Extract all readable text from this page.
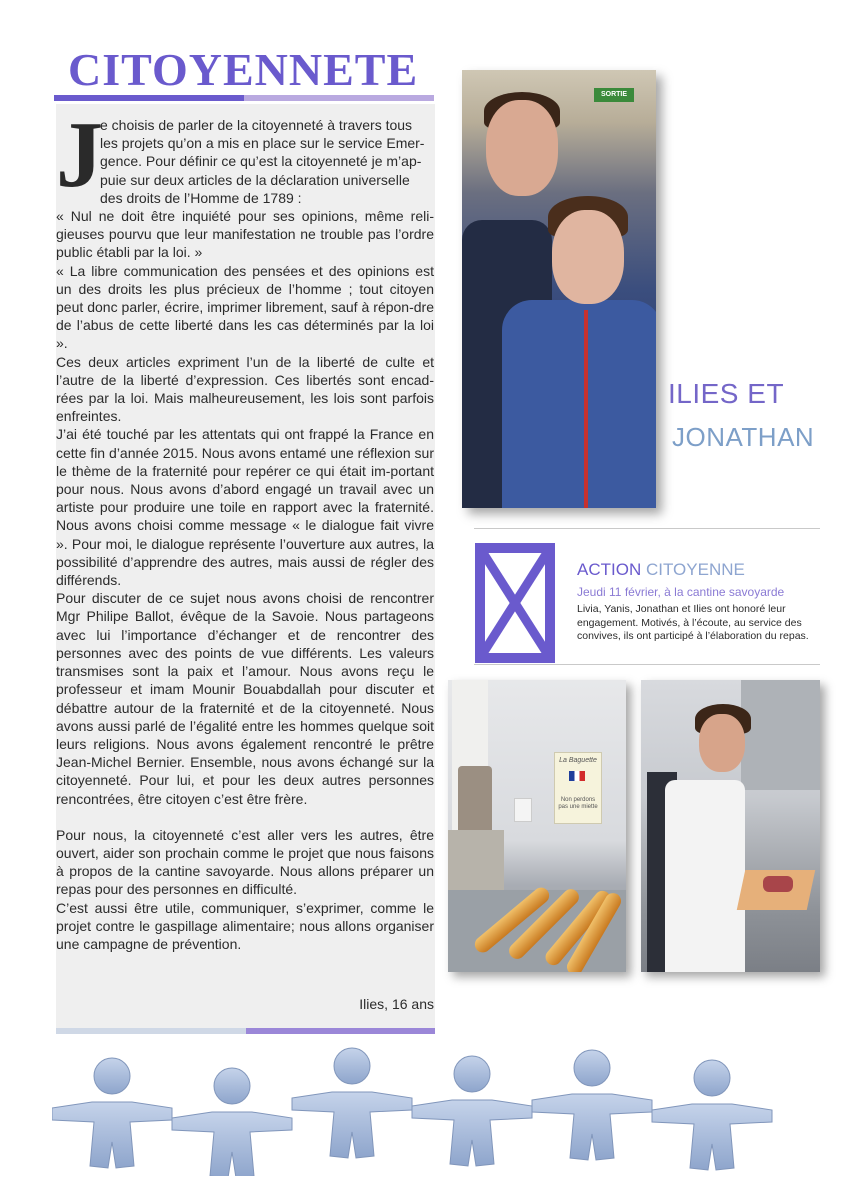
CITOYENNETE
J

e choisis de parler de la citoyenneté à travers tous

les projets qu’on a mis en place sur le service Emer-

gence. Pour définir ce qu’est la citoyenneté je m’ap-

puie sur deux articles de la déclaration universelle

des droits de l’Homme de 1789 :

« Nul ne doit être inquiété pour ses opinions, même reli-gieuses pourvu que leur manifestation ne trouble pas l’ordre public établi par la loi. »

« La libre communication des pensées et des opinions est un des droits les plus précieux de l’homme ; tout citoyen peut donc parler, écrire, imprimer librement, sauf à répon-dre de l’abus de cette liberté dans les cas déterminés par la loi ».

Ces deux articles expriment l’un de la liberté de culte et l’autre de la liberté d’expression. Ces libertés sont encad-rées par la loi. Mais malheureusement, les lois sont parfois enfreintes.

J’ai été touché par les attentats qui ont frappé la France en cette fin d’année 2015. Nous avons entamé une réflexion sur le thème de la fraternité pour repérer ce qui était im-portant pour nous. Nous avons d’abord engagé un travail avec un artiste pour produire une toile en rapport avec la fraternité. Nous avons choisi comme message « le dialogue fait vivre ». Pour moi, le dialogue représente l’ouverture aux autres, la possibilité d’apprendre des autres, mais aussi de régler des différends.

Pour discuter de ce sujet nous avons choisi de rencontrer Mgr Philipe Ballot, évêque de la Savoie. Nous partageons avec lui l’importance d’échanger et de rencontrer des personnes avec des points de vue différents. Les valeurs transmises sont la paix et l’amour. Nous avons reçu le professeur et imam Mounir Bouabdallah pour discuter et débattre autour de la fraternité et de la citoyenneté. Nous avons aussi parlé de l’égalité entre les hommes quelque soit leurs religions. Nous avons également rencontré le prêtre Jean-Michel Bernier. Ensemble, nous avons échangé sur la citoyenneté. Pour lui, et pour les deux autres personnes rencontrées, être citoyen c’est être frère.

Pour nous, la citoyenneté c’est aller vers les autres, être ouvert, aider son prochain comme le projet que nous faisons à propos de la cantine savoyarde. Nous allons préparer un repas pour des personnes en difficulté.

C’est aussi être utile, communiquer, s’exprimer, comme le projet contre le gaspillage alimentaire; nous allons organiser une campagne de prévention.

Ilies, 16 ans
SORTIE
ILIES ET
JONATHAN
ACTION CITOYENNE
Jeudi 11 février, à la cantine savoyarde
Livia, Yanis, Jonathan et Ilies ont honoré leur engagement. Motivés, à l’écoute, au service des convives, ils ont participé à l’élaboration du repas.
La Baguette
Non perdons pas une miette
